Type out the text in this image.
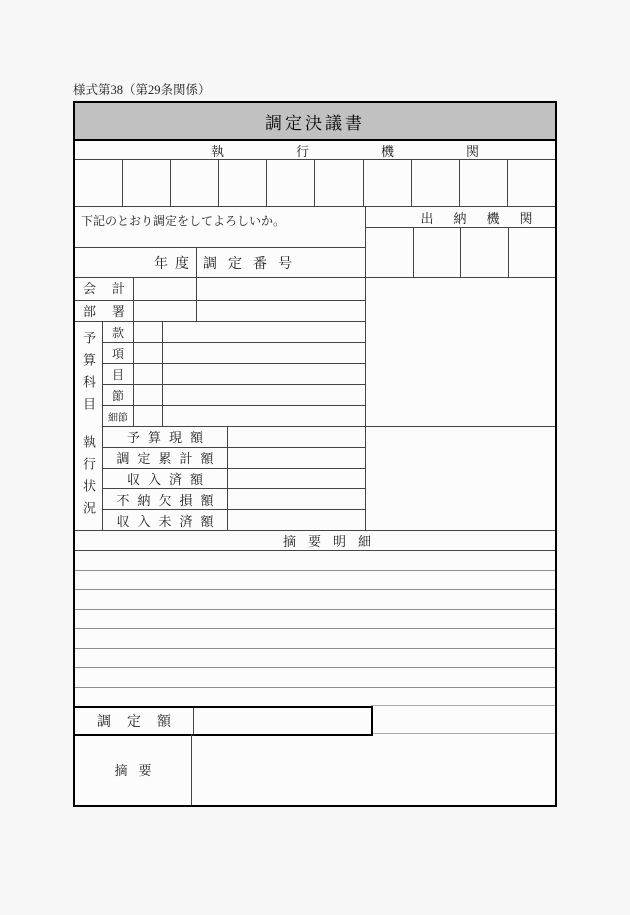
様式第38（第29条関係）
調定決議書
執	行	機	関
下記のとおり調定をしてよろしいか。
年度 調定番号
会 計
部 署
予算科目	款
項
目
節
細節
執行状況	予 算 現 額
調 定 累 計 額
収 入 済 額
不 納 欠 損 額
収 入 未 済 額
出 納 機 関
摘 要 明 細
調 定 額
摘 要
